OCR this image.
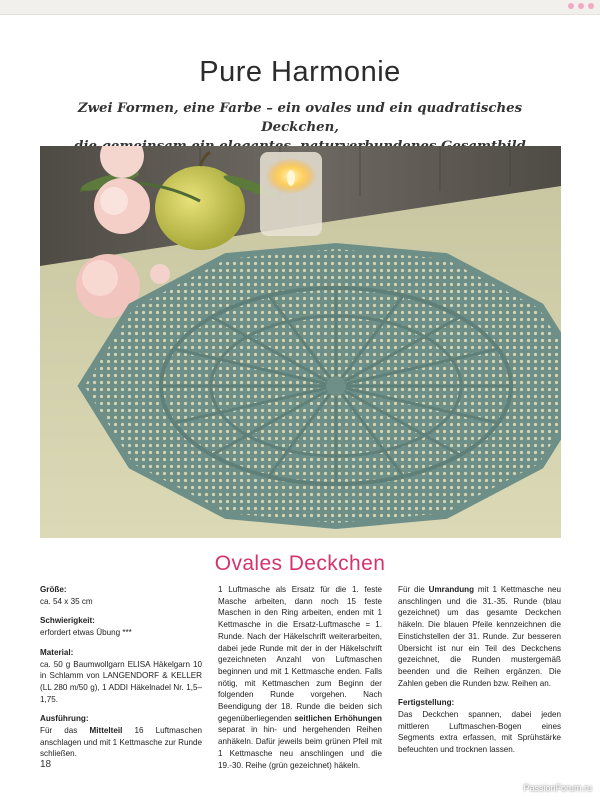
Pure Harmonie
Zwei Formen, eine Farbe – ein ovales und ein quadratisches Deckchen,

Ovales Deckchen

Größe:
ca. 54 x 35 cm

Schwierigkeit:
erfordert etwas Übung ***

Material:
ca. 50 g Baumwollgarn ELISA Häkelgarn 10 in Schlamm von LANGENDORF & KELLER (LL 280 m/50 g), 1 ADDI Häkelnadel Nr. 1,5–1,75.

Ausführung:
Für das Mittelteil 16 Luftmaschen anschlagen und mit 1 Kettmasche zur Runde schließen.

1 Luftmasche als Ersatz für die 1. feste Masche arbeiten, dann noch 15 feste Maschen in den Ring arbeiten, enden mit 1 Kettmasche in die Ersatz-Luftmasche = 1. Runde. Nach der Häkelschrift weiterarbeiten, dabei jede Runde mit der in der Häkelschrift gezeichneten Anzahl von Luftmaschen beginnen und mit 1 Kettmasche enden. Falls nötig, mit Kettmaschen zum Beginn der folgenden Runde vorgehen. Nach Beendigung der 18. Runde die beiden sich gegenüberliegenden seitlichen Erhöhungen separat in hin- und hergehenden Reihen anhäkeln. Dafür jeweils beim grünen Pfeil mit 1 Kettmasche neu anschlingen und die 19.-30. Reihe (grün gezeichnet) häkeln.

Für die Umrandung mit 1 Kettmasche neu anschlingen und die 31.-35. Runde (blau gezeichnet) um das gesamte Deckchen häkeln. Die blauen Pfeile kennzeichnen die Einstichstellen der 31. Runde. Zur besseren Übersicht ist nur ein Teil des Deckchens gezeichnet, die Runden mustergemäß beenden und die Reihen ergänzen. Die Zahlen geben die Runden bzw. Reihen an.

Fertigstellung:
Das Deckchen spannen, dabei jeden mittleren Luftmaschen-Bogen eines Segments extra erfassen, mit Sprühstärke befeuchten und trocknen lassen.

18
PassionForum.ru
